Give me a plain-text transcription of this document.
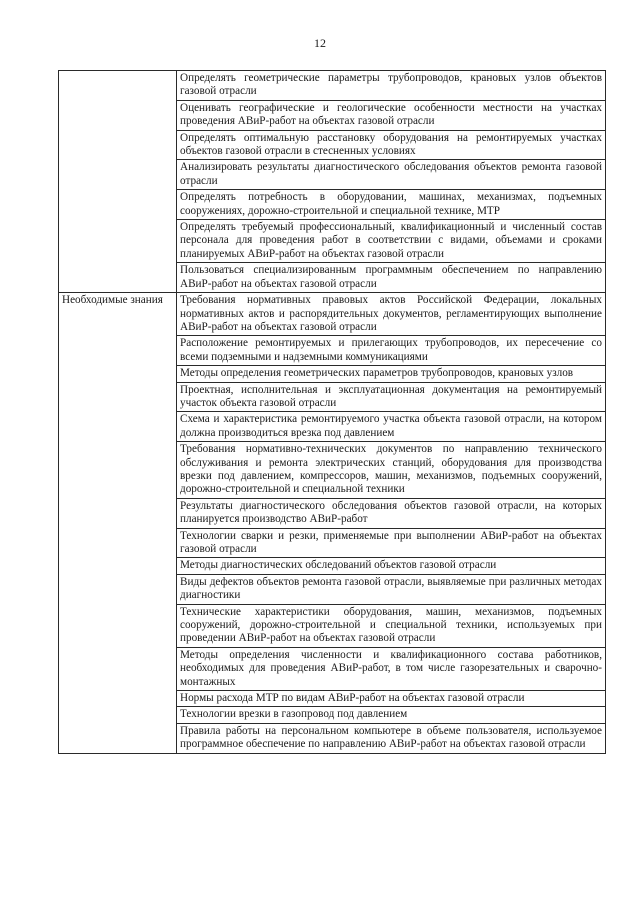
12
	Определять геометрические параметры трубопроводов, крановых узлов объектов газовой отрасли
	Оценивать географические и геологические особенности местности на участках проведения АВиР-работ на объектах газовой отрасли
	Определять оптимальную расстановку оборудования на ремонтируемых участках объектов газовой отрасли в стесненных условиях
	Анализировать результаты диагностического обследования объектов ремонта газовой отрасли
	Определять потребность в оборудовании, машинах, механизмах, подъемных сооружениях, дорожно-строительной и специальной технике, МТР
	Определять требуемый профессиональный, квалификационный и численный состав персонала для проведения работ в соответствии с видами, объемами и сроками планируемых АВиР-работ на объектах газовой отрасли
	Пользоваться специализированным программным обеспечением по направлению АВиР-работ на объектах газовой отрасли
Необходимые знания	Требования нормативных правовых актов Российской Федерации, локальных нормативных актов и распорядительных документов, регламентирующих выполнение АВиР-работ на объектах газовой отрасли
	Расположение ремонтируемых и прилегающих трубопроводов, их пересечение со всеми подземными и надземными коммуникациями
	Методы определения геометрических параметров трубопроводов, крановых узлов
	Проектная, исполнительная и эксплуатационная документация на ремонтируемый участок объекта газовой отрасли
	Схема и характеристика ремонтируемого участка объекта газовой отрасли, на котором должна производиться врезка под давлением
	Требования нормативно-технических документов по направлению технического обслуживания и ремонта электрических станций, оборудования для производства врезки под давлением, компрессоров, машин, механизмов, подъемных сооружений, дорожно-строительной и специальной техники
	Результаты диагностического обследования объектов газовой отрасли, на которых планируется производство АВиР-работ
	Технологии сварки и резки, применяемые при выполнении АВиР-работ на объектах газовой отрасли
	Методы диагностических обследований объектов газовой отрасли
	Виды дефектов объектов ремонта газовой отрасли, выявляемые при различных методах диагностики
	Технические характеристики оборудования, машин, механизмов, подъемных сооружений, дорожно-строительной и специальной техники, используемых при проведении АВиР-работ на объектах газовой отрасли
	Методы определения численности и квалификационного состава работников, необходимых для проведения АВиР-работ, в том числе газорезательных и сварочно-монтажных
	Нормы расхода МТР по видам АВиР-работ на объектах газовой отрасли
	Технологии врезки в газопровод под давлением
	Правила работы на персональном компьютере в объеме пользователя, используемое программное обеспечение по направлению АВиР-работ на объектах газовой отрасли
